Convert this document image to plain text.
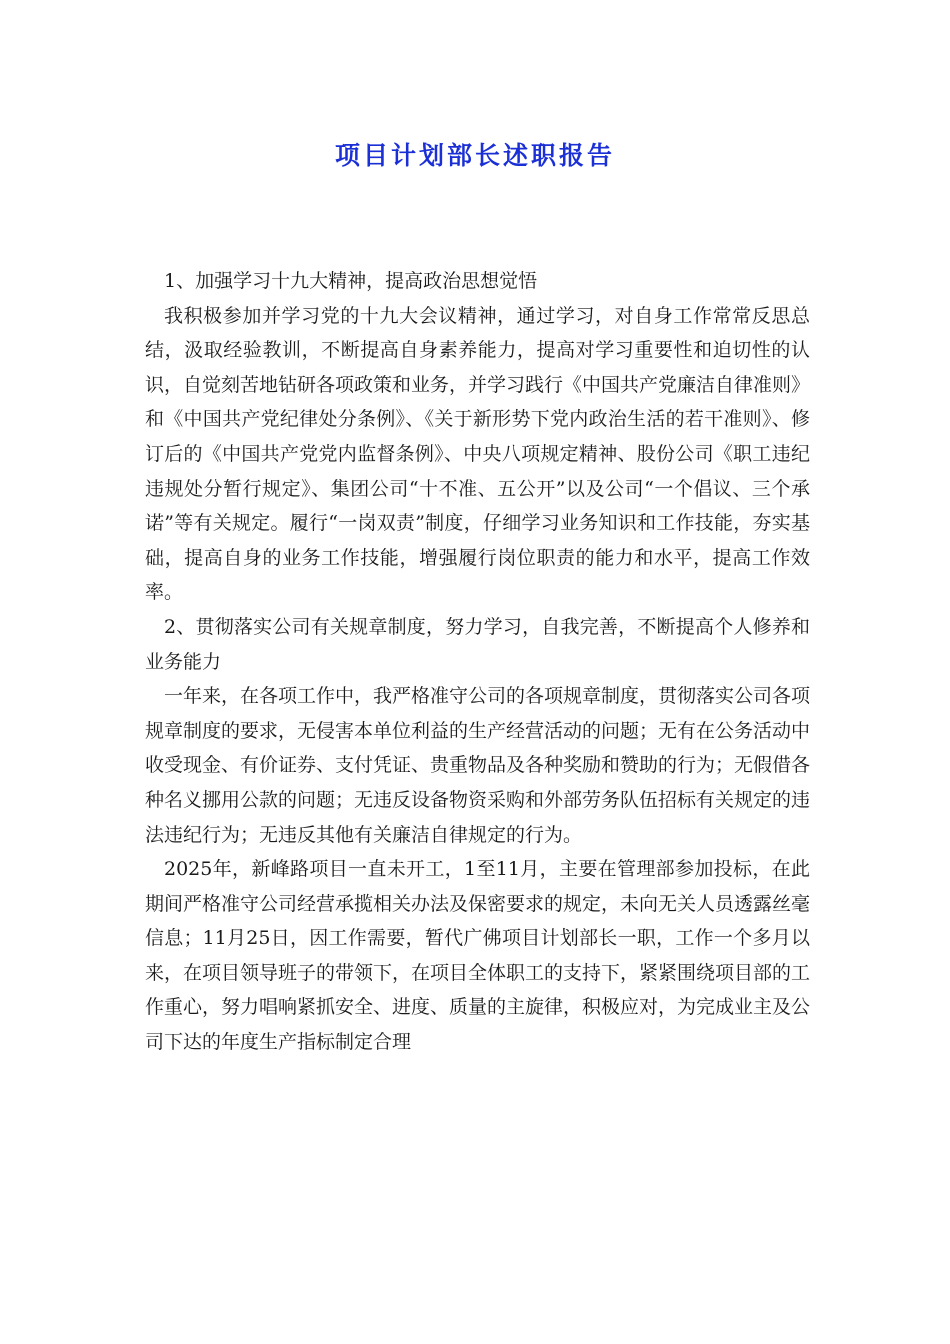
项目计划部长述职报告

1、加强学习十九大精神，提高政治思想觉悟

我积极参加并学习党的十九大会议精神，通过学习，对自身工作常常反思总结，汲取经验教训，不断提高自身素养能力，提高对学习重要性和迫切性的认识，自觉刻苦地钻研各项政策和业务，并学习践行《中国共产党廉洁自律准则》和《中国共产党纪律处分条例》、《关于新形势下党内政治生活的若干准则》、修订后的《中国共产党党内监督条例》、中央八项规定精神、股份公司《职工违纪违规处分暂行规定》、集团公司“十不准、五公开”以及公司“一个倡议、三个承诺”等有关规定。履行“一岗双责”制度，仔细学习业务知识和工作技能，夯实基础，提高自身的业务工作技能，增强履行岗位职责的能力和水平，提高工作效率。

2、贯彻落实公司有关规章制度，努力学习，自我完善，不断提高个人修养和业务能力

一年来，在各项工作中，我严格准守公司的各项规章制度，贯彻落实公司各项规章制度的要求，无侵害本单位利益的生产经营活动的问题；无有在公务活动中收受现金、有价证券、支付凭证、贵重物品及各种奖励和赞助的行为；无假借各种名义挪用公款的问题；无违反设备物资采购和外部劳务队伍招标有关规定的违法违纪行为；无违反其他有关廉洁自律规定的行为。

2025年，新峰路项目一直未开工，1至11月，主要在管理部参加投标，在此期间严格准守公司经营承揽相关办法及保密要求的规定，未向无关人员透露丝毫信息；11月25日，因工作需要，暂代广佛项目计划部长一职，工作一个多月以来，在项目领导班子的带领下，在项目全体职工的支持下，紧紧围绕项目部的工作重心，努力唱响紧抓安全、进度、质量的主旋律，积极应对，为完成业主及公司下达的年度生产指标制定合理
